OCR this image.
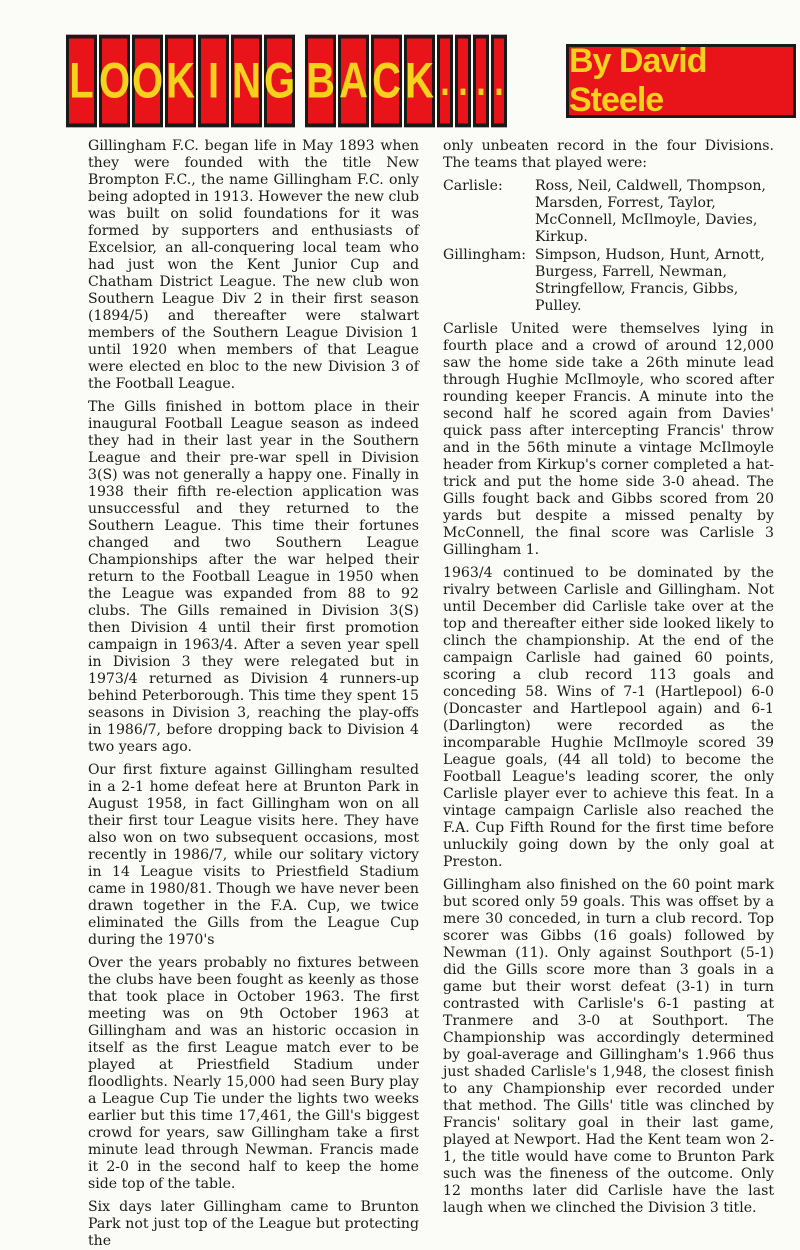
L O O K I N G B A C K . . . . By David Steele

Gillingham F.C. began life in May 1893 when they were founded with the title New Brompton F.C., the name Gillingham F.C. only being adopted in 1913. However the new club was built on solid foundations for it was formed by supporters and enthusiasts of Excelsior, an all-conquering local team who had just won the Kent Junior Cup and Chatham District League. The new club won Southern League Div 2 in their first season (1894/5) and thereafter were stalwart members of the Southern League Division 1 until 1920 when members of that League were elected en bloc to the new Division 3 of the Football League.

The Gills finished in bottom place in their inaugural Football League season as indeed they had in their last year in the Southern League and their pre-war spell in Division 3(S) was not generally a happy one. Finally in 1938 their fifth re-election application was unsuccessful and they returned to the Southern League. This time their fortunes changed and two Southern League Championships after the war helped their return to the Football League in 1950 when the League was expanded from 88 to 92 clubs. The Gills remained in Division 3(S) then Division 4 until their first promotion campaign in 1963/4. After a seven year spell in Division 3 they were relegated but in 1973/4 returned as Division 4 runners-up behind Peterborough. This time they spent 15 seasons in Division 3, reaching the play-offs in 1986/7, before dropping back to Division 4 two years ago.

Our first fixture against Gillingham resulted in a 2-1 home defeat here at Brunton Park in August 1958, in fact Gillingham won on all their first tour League visits here. They have also won on two subsequent occasions, most recently in 1986/7, while our solitary victory in 14 League visits to Priestfield Stadium came in 1980/81. Though we have never been drawn together in the F.A. Cup, we twice eliminated the Gills from the League Cup during the 1970's

Over the years probably no fixtures between the clubs have been fought as keenly as those that took place in October 1963. The first meeting was on 9th October 1963 at Gillingham and was an historic occasion in itself as the first League match ever to be played at Priestfield Stadium under floodlights. Nearly 15,000 had seen Bury play a League Cup Tie under the lights two weeks earlier but this time 17,461, the Gill's biggest crowd for years, saw Gillingham take a first minute lead through Newman. Francis made it 2-0 in the second half to keep the home side top of the table.

Six days later Gillingham came to Brunton Park not just top of the League but protecting the

only unbeaten record in the four Divisions. The teams that played were:

Carlisle:	Ross, Neil, Caldwell, Thompson, Marsden, Forrest, Taylor, McConnell, McIlmoyle, Davies, Kirkup.
Gillingham: Simpson, Hudson, Hunt, Arnott, Burgess, Farrell, Newman, Stringfellow, Francis, Gibbs, Pulley.

Carlisle United were themselves lying in fourth place and a crowd of around 12,000 saw the home side take a 26th minute lead through Hughie McIlmoyle, who scored after rounding keeper Francis. A minute into the second half he scored again from Davies' quick pass after intercepting Francis' throw and in the 56th minute a vintage McIlmoyle header from Kirkup's corner completed a hat-trick and put the home side 3-0 ahead. The Gills fought back and Gibbs scored from 20 yards but despite a missed penalty by McConnell, the final score was Carlisle 3 Gillingham 1.

1963/4 continued to be dominated by the rivalry between Carlisle and Gillingham. Not until December did Carlisle take over at the top and thereafter either side looked likely to clinch the championship. At the end of the campaign Carlisle had gained 60 points, scoring a club record 113 goals and conceding 58. Wins of 7-1 (Hartlepool) 6-0 (Doncaster and Hartlepool again) and 6-1 (Darlington) were recorded as the incomparable Hughie McIlmoyle scored 39 League goals, (44 all told) to become the Football League's leading scorer, the only Carlisle player ever to achieve this feat. In a vintage campaign Carlisle also reached the F.A. Cup Fifth Round for the first time before unluckily going down by the only goal at Preston.

Gillingham also finished on the 60 point mark but scored only 59 goals. This was offset by a mere 30 conceded, in turn a club record. Top scorer was Gibbs (16 goals) followed by Newman (11). Only against Southport (5-1) did the Gills score more than 3 goals in a game but their worst defeat (3-1) in turn contrasted with Carlisle's 6-1 pasting at Tranmere and 3-0 at Southport. The Championship was accordingly determined by goal-average and Gillingham's 1.966 thus just shaded Carlisle's 1,948, the closest finish to any Championship ever recorded under that method. The Gills' title was clinched by Francis' solitary goal in their last game, played at Newport. Had the Kent team won 2-1, the title would have come to Brunton Park such was the fineness of the outcome. Only 12 months later did Carlisle have the last laugh when we clinched the Division 3 title.
